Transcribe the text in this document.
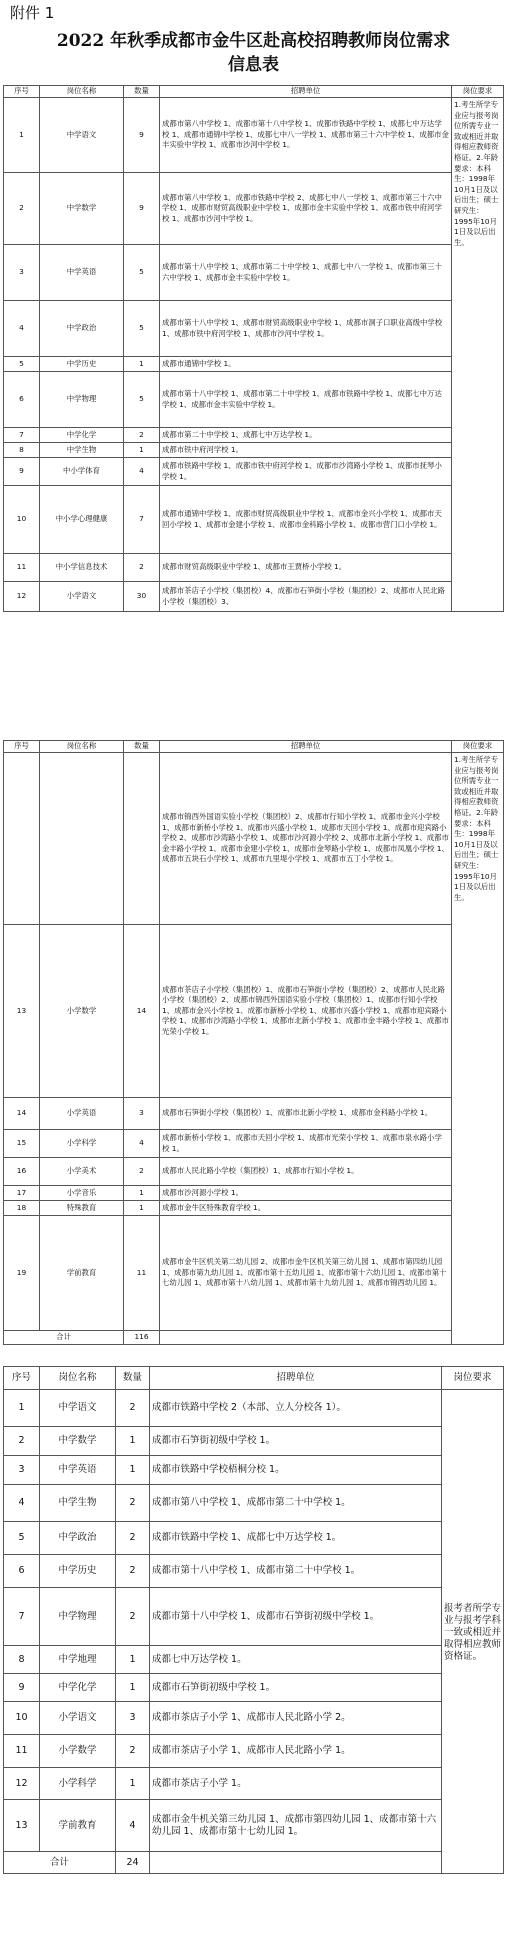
附件 1
2022 年秋季成都市金牛区赴高校招聘教师岗位需求
信息表
序号	岗位名称	数量	招聘单位	岗位要求
1	中学语文	9	成都市第八中学校 1、成都市第十八中学校 1、成都市铁路中学校 1、成都七中万达学校 1、成都市通锦中学校 1、成都七中八一学校 1、成都市第三十六中学校 1、成都市金丰实验中学校 1、成都市沙河中学校 1。	1.考生所学专业应与报考岗位所需专业一致或相近并取得相应教师资格证。2.年龄要求：本科生：1998年10月1日及以后出生；硕士研究生：1995年10月1日及以后出生。
2	中学数学	9	成都市第八中学校 1、成都市铁路中学校 2、成都七中八一学校 1、成都市第三十六中学校 1、成都市财贸高级职业中学校 1、成都市金丰实验中学校 1、成都市铁中府河学校 1、成都市沙河中学校 1。	
3	中学英语	5	成都市第十八中学校 1、成都市第二十中学校 1、成都七中八一学校 1、成都市第三十六中学校 1、成都市金丰实验中学校 1。	
4	中学政治	5	成都市第十八中学校 1、成都市财贸高级职业中学校 1、成都市洞子口职业高级中学校 1、成都市铁中府河学校 1、成都市沙河中学校 1。	
5	中学历史	1	成都市通锦中学校 1。	
6	中学物理	5	成都市第十八中学校 1、成都市第二十中学校 1、成都市铁路中学校 1、成都七中万达学校 1、成都市金丰实验中学校 1。	
7	中学化学	2	成都市第二十中学校 1、成都七中万达学校 1。	
8	中学生物	1	成都市铁中府河学校 1。	
9	中小学体育	4	成都市铁路中学校 1、成都市铁中府河学校 1、成都市沙湾路小学校 1、成都市抚琴小学校 1。	
10	中小学心理健康	7	成都市通锦中学校 1、成都市财贸高级职业中学校 1、成都市金兴小学校 1、成都市天回小学校 1、成都市金建小学校 1、成都市金科路小学校 1、成都市营门口小学校 1。	
11	中小学信息技术	2	成都市财贸高级职业中学校 1、成都市王贾桥小学校 1。	
12	小学语文	30	成都市茶店子小学校（集团校）4、成都市石笋街小学校（集团校）2、成都市人民北路小学校（集团校）3、	
序号	岗位名称	数量	招聘单位	岗位要求
			成都市锦西外国语实验小学校（集团校）2、成都市行知小学校 1、成都市金兴小学校 1、成都市新桥小学校 1、成都市兴盛小学校 1、成都市天回小学校 1、成都市迎宾路小学校 2、成都市沙湾路小学校 1、成都市沙河源小学校 2、成都市北新小学校 1、成都市金丰路小学校 1、成都市金建小学校 1、成都市金琴路小学校 1、成都市凤凰小学校 1、成都市五块石小学校 1、成都市九里堤小学校 1、成都市五丁小学校 1。	1.考生所学专业应与报考岗位所需专业一致或相近并取得相应教师资格证。2.年龄要求：本科生：1998年10月1日及以后出生；硕士研究生：1995年10月1日及以后出生。
13	小学数学	14	成都市茶店子小学校（集团校）1、成都市石笋街小学校（集团校）2、成都市人民北路小学校（集团校）2、成都市锦西外国语实验小学校（集团校）1、成都市行知小学校 1、成都市金兴小学校 1、成都市新桥小学校 1、成都市兴盛小学校 1、成都市迎宾路小学校 1、成都市沙湾路小学校 1、成都市北新小学校 1、成都市金丰路小学校 1、成都市光荣小学校 1。	
14	小学英语	3	成都市石笋街小学校（集团校）1、成都市北新小学校 1、成都市金科路小学校 1。	
15	小学科学	4	成都市新桥小学校 1、成都市天回小学校 1、成都市光荣小学校 1、成都市泉水路小学校 1。	
16	小学美术	2	成都市人民北路小学校（集团校）1、成都市行知小学校 1。	
17	小学音乐	1	成都市沙河源小学校 1。	
18	特殊教育	1	成都市金牛区特殊教育学校 1。	
19	学前教育	11	成都市金牛区机关第二幼儿园 2、成都市金牛区机关第三幼儿园 1、成都市第四幼儿园 1、成都市第九幼儿园 1、成都市第十五幼儿园 1、成都市第十六幼儿园 1、成都市第十七幼儿园 1、成都市第十八幼儿园 1、成都市第十九幼儿园 1、成都市锦西幼儿园 1。	
合计		116		
序号	岗位名称	数量	招聘单位	岗位要求
1	中学语文	2	成都市铁路中学校 2（本部、立人分校各 1）。	报考者所学专业与报考学科一致或相近并取得相应教师资格证。
2	中学数学	1	成都市石笋街初级中学校 1。	
3	中学英语	1	成都市铁路中学校梧桐分校 1。	
4	中学生物	2	成都市第八中学校 1、成都市第二十中学校 1。	
5	中学政治	2	成都市铁路中学校 1、成都七中万达学校 1。	
6	中学历史	2	成都市第十八中学校 1、成都市第二十中学校 1。	
7	中学物理	2	成都市第十八中学校 1、成都市石笋街初级中学校 1。	
8	中学地理	1	成都七中万达学校 1。	
9	中学化学	1	成都市石笋街初级中学校 1。	
10	小学语文	3	成都市茶店子小学 1、成都市人民北路小学 2。	
11	小学数学	2	成都市茶店子小学 1、成都市人民北路小学 1。	
12	小学科学	1	成都市茶店子小学 1。	
13	学前教育	4	成都市金牛机关第三幼儿园 1、成都市第四幼儿园 1、成都市第十六幼儿园 1、成都市第十七幼儿园 1。	
合计		24		
